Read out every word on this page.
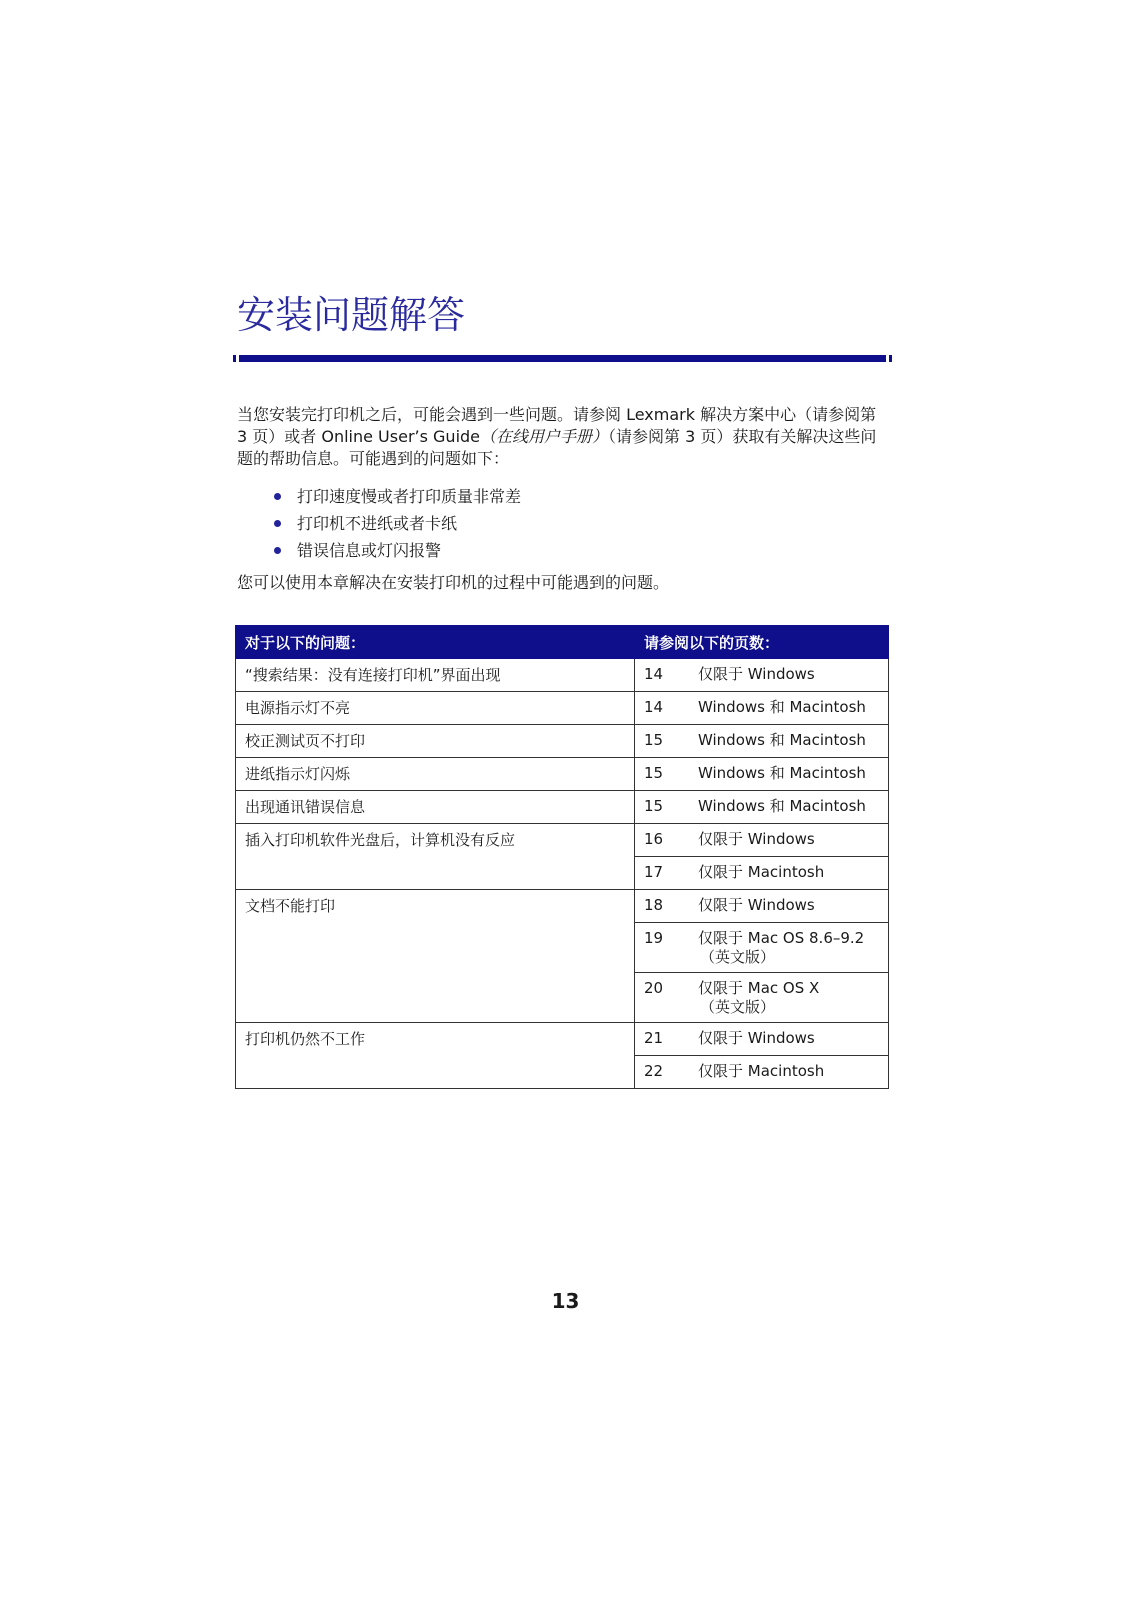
安装问题解答

当您安装完打印机之后，可能会遇到一些问题。请参阅 Lexmark 解决方案中心（请参阅第 3 页）或者 Online User’s Guide（在线用户手册）（请参阅第 3 页）获取有关解决这些问题的帮助信息。可能遇到的问题如下：

打印速度慢或者打印质量非常差
打印机不进纸或者卡纸
错误信息或灯闪报警

您可以使用本章解决在安装打印机的过程中可能遇到的问题。

对于以下的问题：	请参阅以下的页数：
“搜索结果：没有连接打印机”界面出现	14 仅限于 Windows

电源指示灯不亮	14 Windows 和 Macintosh

校正测试页不打印	15 Windows 和 Macintosh

进纸指示灯闪烁	15 Windows 和 Macintosh

出现通讯错误信息	15 Windows 和 Macintosh

插入打印机软件光盘后，计算机没有反应	16 仅限于 Windows

	17 仅限于 Macintosh

文档不能打印	18 仅限于 Windows

	19 仅限于 Mac OS 8.6–9.2
（英文版）

	20 仅限于 Mac OS X
（英文版）

打印机仍然不工作	21 仅限于 Windows

	22 仅限于 Macintosh
13
